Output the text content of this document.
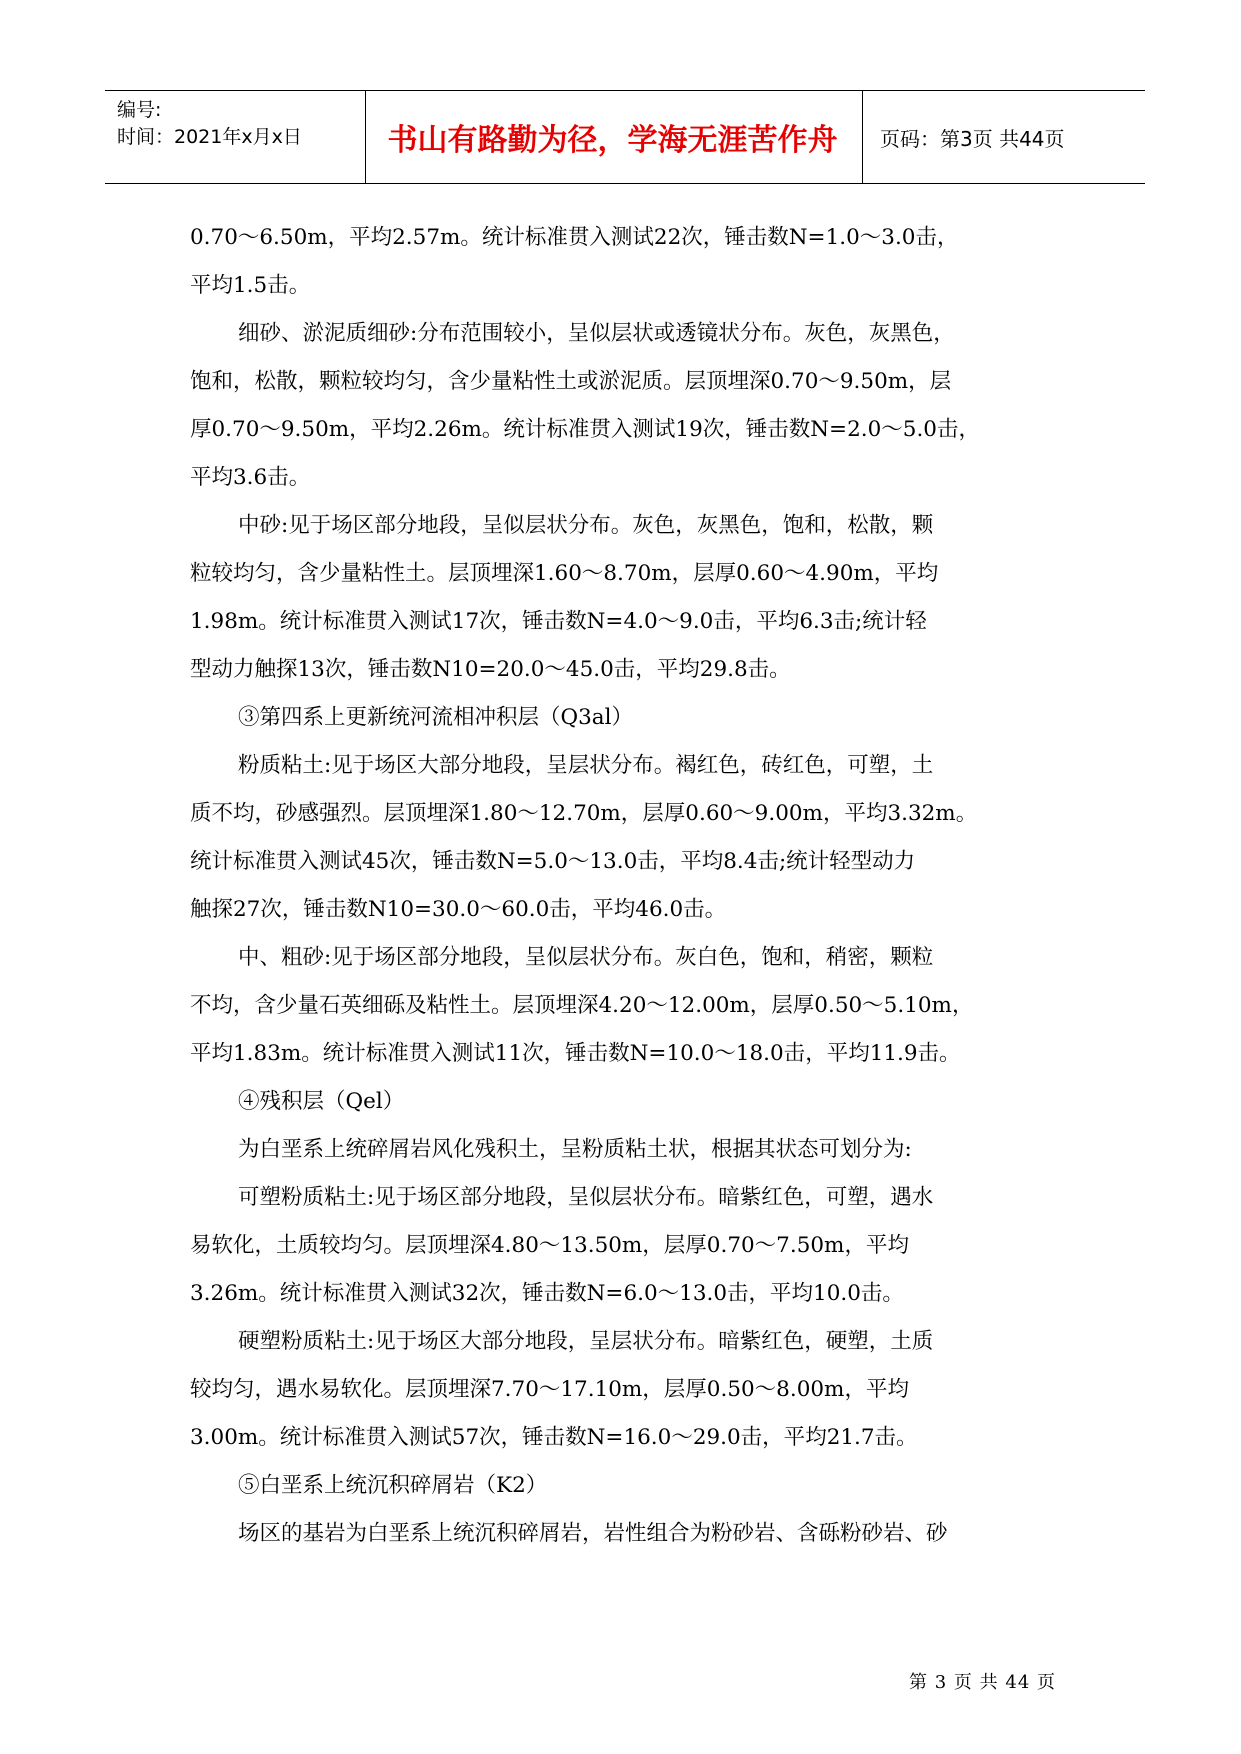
编号:
时间：2021年x月x日	书山有路勤为径，学海无涯苦作舟	页码：第3页 共44页

0.70～6.50m，平均2.57m。统计标准贯入测试22次，锤击数N=1.0～3.0击，

平均1.5击。

细砂、淤泥质细砂:分布范围较小，呈似层状或透镜状分布。灰色，灰黑色，

饱和，松散，颗粒较均匀，含少量粘性土或淤泥质。层顶埋深0.70～9.50m，层

厚0.70～9.50m，平均2.26m。统计标准贯入测试19次，锤击数N=2.0～5.0击，

平均3.6击。

中砂:见于场区部分地段，呈似层状分布。灰色，灰黑色，饱和，松散，颗

粒较均匀，含少量粘性土。层顶埋深1.60～8.70m，层厚0.60～4.90m，平均

1.98m。统计标准贯入测试17次，锤击数N=4.0～9.0击，平均6.3击;统计轻

型动力触探13次，锤击数N10=20.0～45.0击，平均29.8击。

③第四系上更新统河流相冲积层（Q3al）

粉质粘土:见于场区大部分地段，呈层状分布。褐红色，砖红色，可塑，土

质不均，砂感强烈。层顶埋深1.80～12.70m，层厚0.60～9.00m，平均3.32m。

统计标准贯入测试45次，锤击数N=5.0～13.0击，平均8.4击;统计轻型动力

触探27次，锤击数N10=30.0～60.0击，平均46.0击。

中、粗砂:见于场区部分地段，呈似层状分布。灰白色，饱和，稍密，颗粒

不均，含少量石英细砾及粘性土。层顶埋深4.20～12.00m，层厚0.50～5.10m，

平均1.83m。统计标准贯入测试11次，锤击数N=10.0～18.0击，平均11.9击。

④残积层（Qel）

为白垩系上统碎屑岩风化残积土，呈粉质粘土状，根据其状态可划分为:

可塑粉质粘土:见于场区部分地段，呈似层状分布。暗紫红色，可塑，遇水

易软化，土质较均匀。层顶埋深4.80～13.50m，层厚0.70～7.50m，平均

3.26m。统计标准贯入测试32次，锤击数N=6.0～13.0击，平均10.0击。

硬塑粉质粘土:见于场区大部分地段，呈层状分布。暗紫红色，硬塑，土质

较均匀，遇水易软化。层顶埋深7.70～17.10m，层厚0.50～8.00m，平均

3.00m。统计标准贯入测试57次，锤击数N=16.0～29.0击，平均21.7击。

⑤白垩系上统沉积碎屑岩（K2）

场区的基岩为白垩系上统沉积碎屑岩，岩性组合为粉砂岩、含砾粉砂岩、砂

第 3 页 共 44 页
